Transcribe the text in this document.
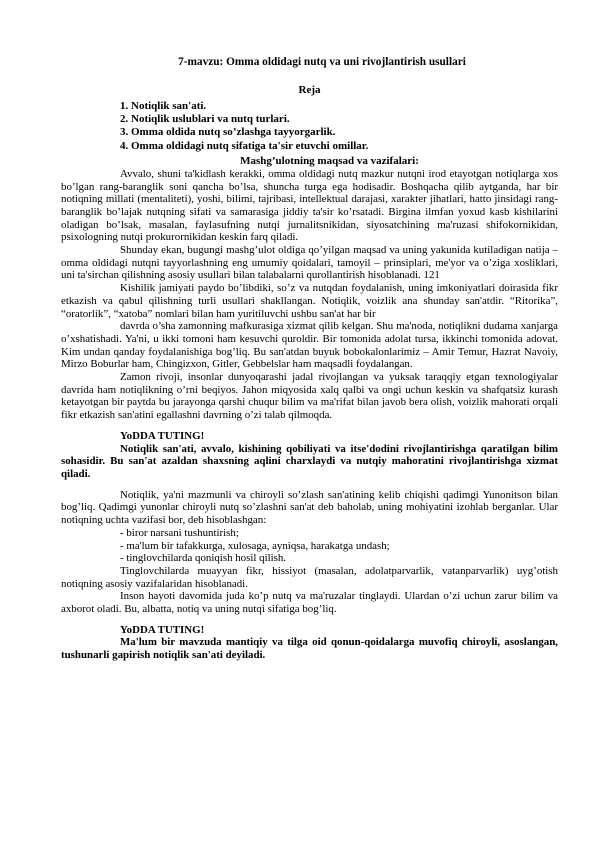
7-mavzu: Omma oldidagi nutq va uni rivojlantirish usullari
Reja
1. Notiqlik san'ati.
2. Notiqlik uslublari va nutq turlari.
3. Omma oldida nutq so’zlashga tayyorgarlik.
4. Omma oldidagi nutq sifatiga ta'sir etuvchi omillar.
Mashg’ulotning maqsad va vazifalari:

Avvalo, shuni ta'kidlash kerakki, omma oldidagi nutq mazkur nutqni irod etayotgan notiqlarga xos bo’lgan rang-baranglik soni qancha bo’lsa, shuncha turga ega hodisadir. Boshqacha qilib aytganda, har bir notiqning millati (mentaliteti), yoshi, bilimi, tajribasi, intellektual darajasi, xarakter jihatlari, hatto jinsidagi rang-baranglik bo’lajak nutqning sifati va samarasiga jiddiy ta'sir ko’rsatadi. Birgina ilmfan yoxud kasb kishilarini oladigan bo’lsak, masalan, faylasufning nutqi jurnalitsnikidan, siyosatchining ma'ruzasi shifokornikidan, psixologning nutqi prokurornikidan keskin farq qiladi.

Shunday ekan, bugungi mashg’ulot oldiga qo’yilgan maqsad va uning yakunida kutiladigan natija – omma oldidagi nutqni tayyorlashning eng umumiy qoidalari, tamoyil – prinsiplari, me'yor va o’ziga xosliklari, uni ta'sirchan qilishning asosiy usullari bilan talabalarni qurollantirish hisoblanadi. 121

Kishilik jamiyati paydo bo’libdiki, so’z va nutqdan foydalanish, uning imkoniyatlari doirasida fikr etkazish va qabul qilishning turli usullari shakllangan. Notiqlik, voizlik ana shunday san'atdir. “Ritorika”, “oratorlik”, “xatoba” nomlari bilan ham yuritiluvchi ushbu san'at har bir

davrda o’sha zamonning mafkurasiga xizmat qilib kelgan. Shu ma'noda, notiqlikni dudama xanjarga o’xshatishadi. Ya'ni, u ikki tomoni ham kesuvchi quroldir. Bir tomonida adolat tursa, ikkinchi tomonida adovat. Kim undan qanday foydalanishiga bog’liq. Bu san'atdan buyuk bobokalonlarimiz – Amir Temur, Hazrat Navoiy, Mirzo Boburlar ham, Chingizxon, Gitler, Gebbelslar ham maqsadli foydalangan.

Zamon rivoji, insonlar dunyoqarashi jadal rivojlangan va yuksak taraqqiy etgan texnologiyalar davrida ham notiqlikning o’rni beqiyos. Jahon miqyosida xalq qalbi va ongi uchun keskin va shafqatsiz kurash ketayotgan bir paytda bu jarayonga qarshi chuqur bilim va ma'rifat bilan javob bera olish, voizlik mahorati orqali fikr etkazish san'atini egallashni davrning o’zi talab qilmoqda.

YoDDA TUTING!

Notiqlik san'ati, avvalo, kishining qobiliyati va itse'dodini rivojlantirishga qaratilgan bilim sohasidir. Bu san'at azaldan shaxsning aqlini charxlaydi va nutqiy mahoratini rivojlantirishga xizmat qiladi.

Notiqlik, ya'ni mazmunli va chiroyli so’zlash san'atining kelib chiqishi qadimgi Yunonitson bilan bog’liq. Qadimgi yunonlar chiroyli nutq so’zlashni san'at deb baholab, uning mohiyatini izohlab berganlar. Ular notiqning uchta vazifasi bor, deb hisoblashgan:

- biror narsani tushuntirish;

- ma'lum bir tafakkurga, xulosaga, ayniqsa, harakatga undash;

- tinglovchilarda qoniqish hosil qilish.

Tinglovchilarda muayyan fikr, hissiyot (masalan, adolatparvarlik, vatanparvarlik) uyg’otish notiqning asosiy vazifalaridan hisoblanadi.

Inson hayoti davomida juda ko’p nutq va ma'ruzalar tinglaydi. Ulardan o’zi uchun zarur bilim va axborot oladi. Bu, albatta, notiq va uning nutqi sifatiga bog’liq.

YoDDA TUTING!

Ma'lum bir mavzuda mantiqiy va tilga oid qonun-qoidalarga muvofiq chiroyli, asoslangan, tushunarli gapirish notiqlik san'ati deyiladi.
